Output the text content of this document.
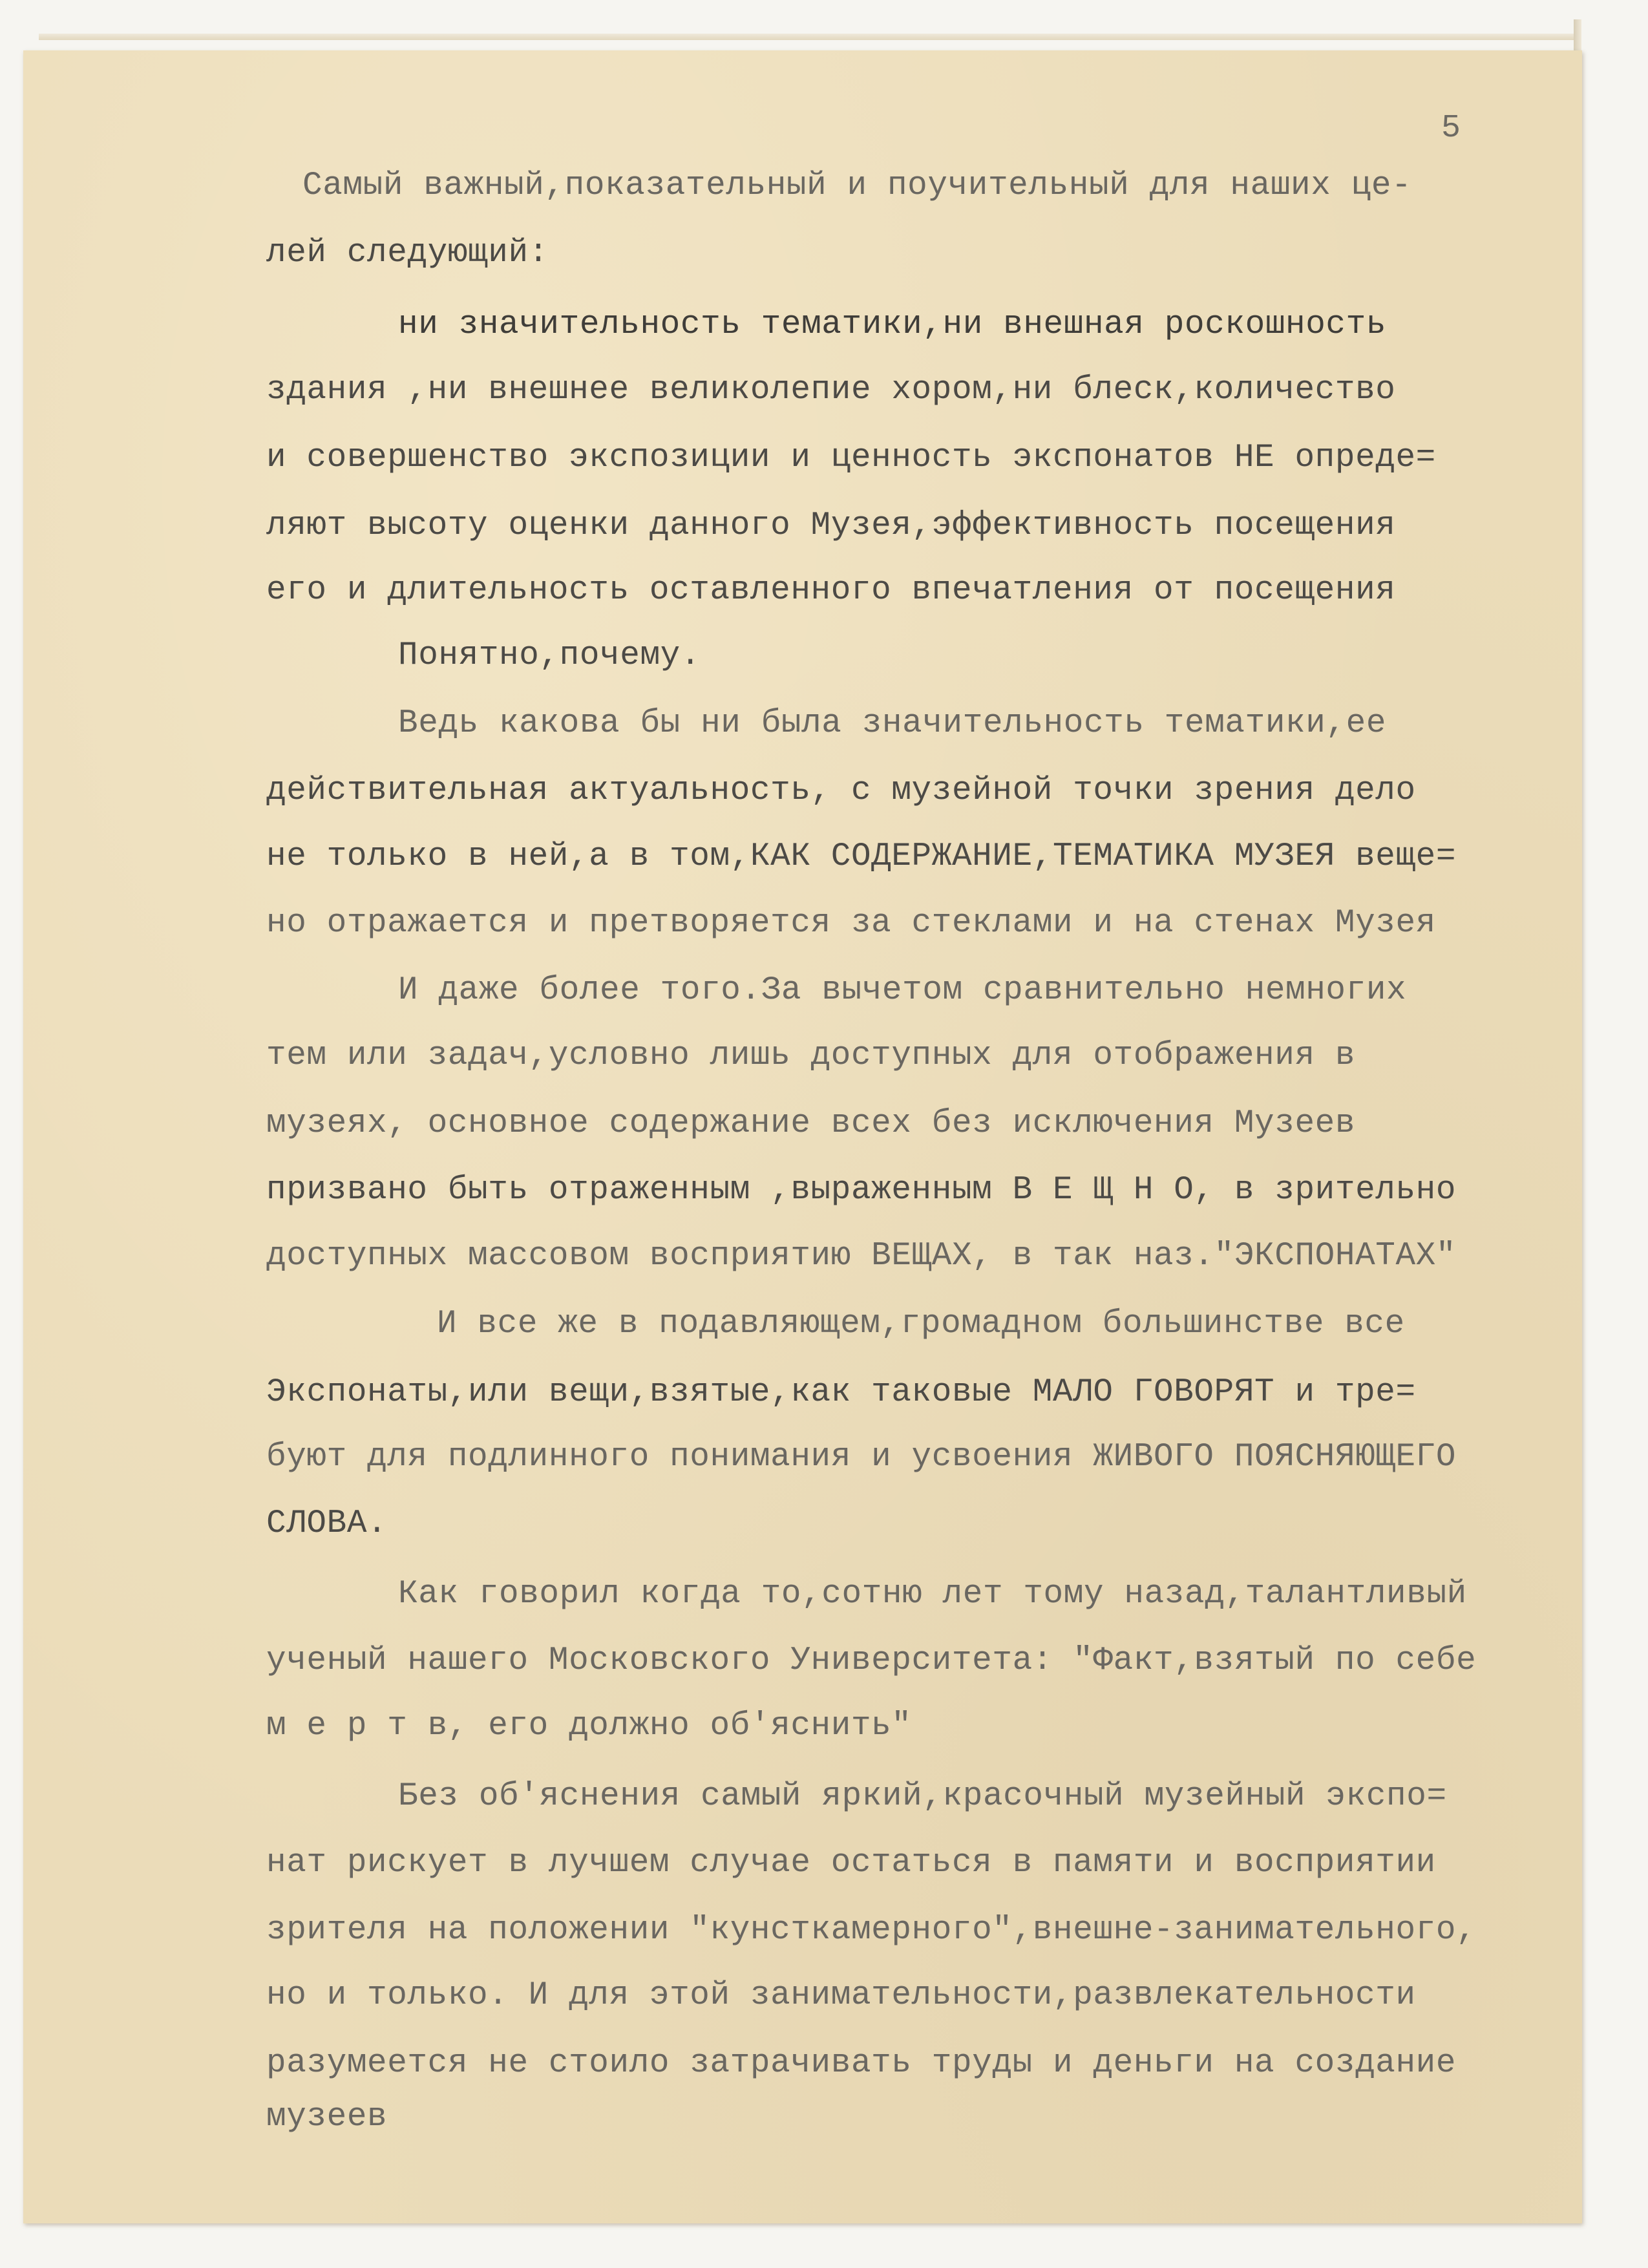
5
Самый важный,показательный и поучительный для наших це-
лей следующий:
ни значительность тематики,ни внешная роскошность
здания ,ни внешнее великолепие хором,ни блеск,количество
и совершенство экспозиции и ценность экспонатов НЕ опреде=
ляют высоту оценки данного Музея,эффективность посещения
его и длительность оставленного впечатления от посещения
Понятно,почему.
Ведь какова бы ни была значительность тематики,ее
действительная актуальность, с музейной точки зрения дело
не только в ней,а в том,КАК СОДЕРЖАНИЕ,ТЕМАТИКА МУЗЕЯ веще=
но отражается и претворяется за стеклами и на стенах Музея
И даже более того.За вычетом сравнительно немногих
тем или задач,условно лишь доступных для отображения в
музеях, основное содержание всех без исключения Музеев
призвано быть отраженным ,выраженным В Е Щ Н О, в зрительно
доступных массовом восприятию ВЕЩАХ, в так наз."ЭКСПОНАТАХ"
И все же в подавляющем,громадном большинстве все
Экспонаты,или вещи,взятые,как таковые МАЛО ГОВОРЯТ и тре=
буют для подлинного понимания и усвоения ЖИВОГО ПОЯСНЯЮЩЕГО
СЛОВА.
Как говорил когда то,сотню лет тому назад,талантливый
ученый нашего Московского Университета: "Факт,взятый по себе
м е р т в, его должно об'яснить"
Без об'яснения самый яркий,красочный музейный экспо=
нат рискует в лучшем случае остаться в памяти и восприятии
зрителя на положении "кунсткамерного",внешне-занимательного,
но и только. И для этой занимательности,развлекательности
разумеется не стоило затрачивать труды и деньги на создание
музеев
